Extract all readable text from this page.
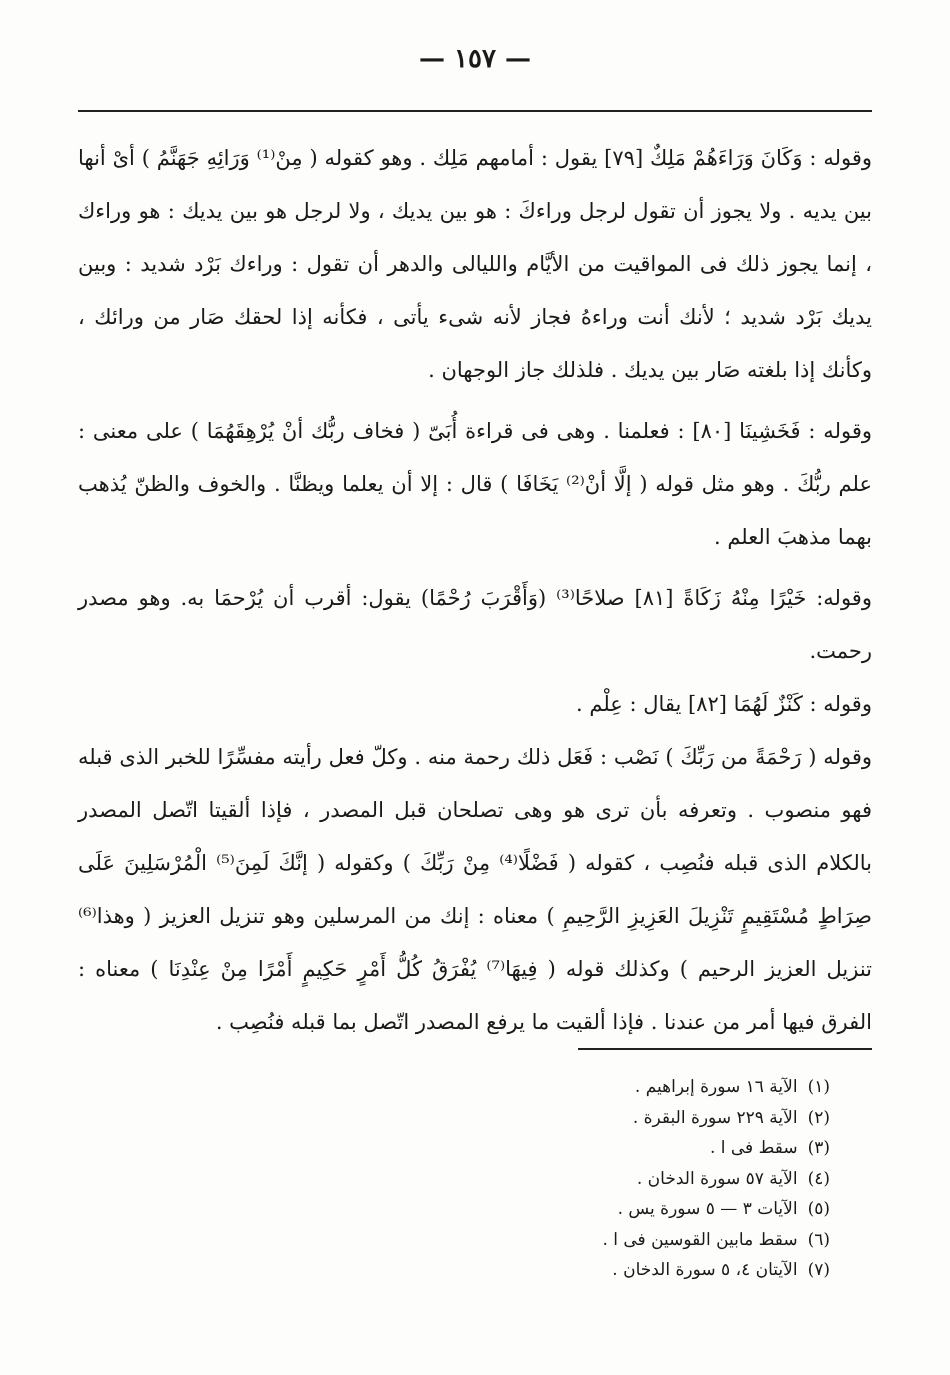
— ١٥٧ —

وقوله : وَكَانَ وَرَاءَهُمْ مَلِكٌ [٧٩] يقول : أمامهم مَلِك . وهو كقوله ( مِنْ⁽¹⁾ وَرَائِهِ جَهَنَّمُ ) أىْ أنها بين يديه . ولا يجوز أن تقول لرجل وراءكَ : هو بين يديك ، ولا لرجل هو بين يديك : هو وراءك ، إنما يجوز ذلك فى المواقيت من الأيَّام والليالى والدهر أن تقول : وراءك بَرْد شديد : وبين يديك بَرْد شديد ؛ لأنك أنت وراءهُ فجاز لأنه شىء يأتى ، فكأنه إذا لحقك صَار من ورائك ، وكأنك إذا بلغته صَار بين يديك . فلذلك جاز الوجهان .

وقوله : فَخَشِينَا [٨٠] : فعلمنا . وهى فى قراءة أُبَىّ ( فخاف ربُّك أنْ يُرْهِقَهُمَا ) على معنى : علم ربُّكَ . وهو مثل قوله ( إلَّا أنْ⁽²⁾ يَخَافَا ) قال : إلا أن يعلما ويظنَّا . والخوف والظنّ يُذهب بهما مذهبَ العلم .

وقوله: خَيْرًا مِنْهُ زَكَاةً [٨١] صلاحًا⁽³⁾ (وَأَقْرَبَ رُحْمًا) يقول: أقرب أن يُرْحمَا به. وهو مصدر رحمت.

وقوله : كَنْزٌ لَهُمَا [٨٢] يقال : عِلْم .

وقوله ( رَحْمَةً من رَبِّكَ ) نَصْب : فَعَل ذلك رحمة منه . وكلّ فعل رأيته مفسِّرًا للخبر الذى قبله فهو منصوب . وتعرفه بأن ترى هو وهى تصلحان قبل المصدر ، فإذا ألقيتا اتّصل المصدر بالكلام الذى قبله فنُصِب ، كقوله ( فَضْلًا⁽⁴⁾ مِنْ رَبِّكَ ) وكقوله ( إنَّكَ لَمِنَ⁽⁵⁾ الْمُرْسَلِينَ عَلَى صِرَاطٍ مُسْتَقِيمٍ تَنْزِيلَ العَزِيزِ الرَّحِيمِ ) معناه : إنك من المرسلين وهو تنزيل العزيز ( وهذا⁽⁶⁾ تنزيل العزيز الرحيم ) وكذلك قوله ( فِيهَا⁽⁷⁾ يُفْرَقُ كُلُّ أَمْرٍ حَكِيمٍ أَمْرًا مِنْ عِنْدِنَا ) معناه : الفرق فيها أمر من عندنا . فإذا ألقيت ما يرفع المصدر اتّصل بما قبله فنُصِب .

(١)الآية ١٦ سورة إبراهيم .
(٢)الآية ٢٢٩ سورة البقرة .
(٣)سقط فى ا .
(٤)الآية ٥٧ سورة الدخان .
(٥)الآيات ٣ — ٥ سورة يس .
(٦)سقط مابين القوسين فى ا .
(٧)الآيتان ٤، ٥ سورة الدخان .
